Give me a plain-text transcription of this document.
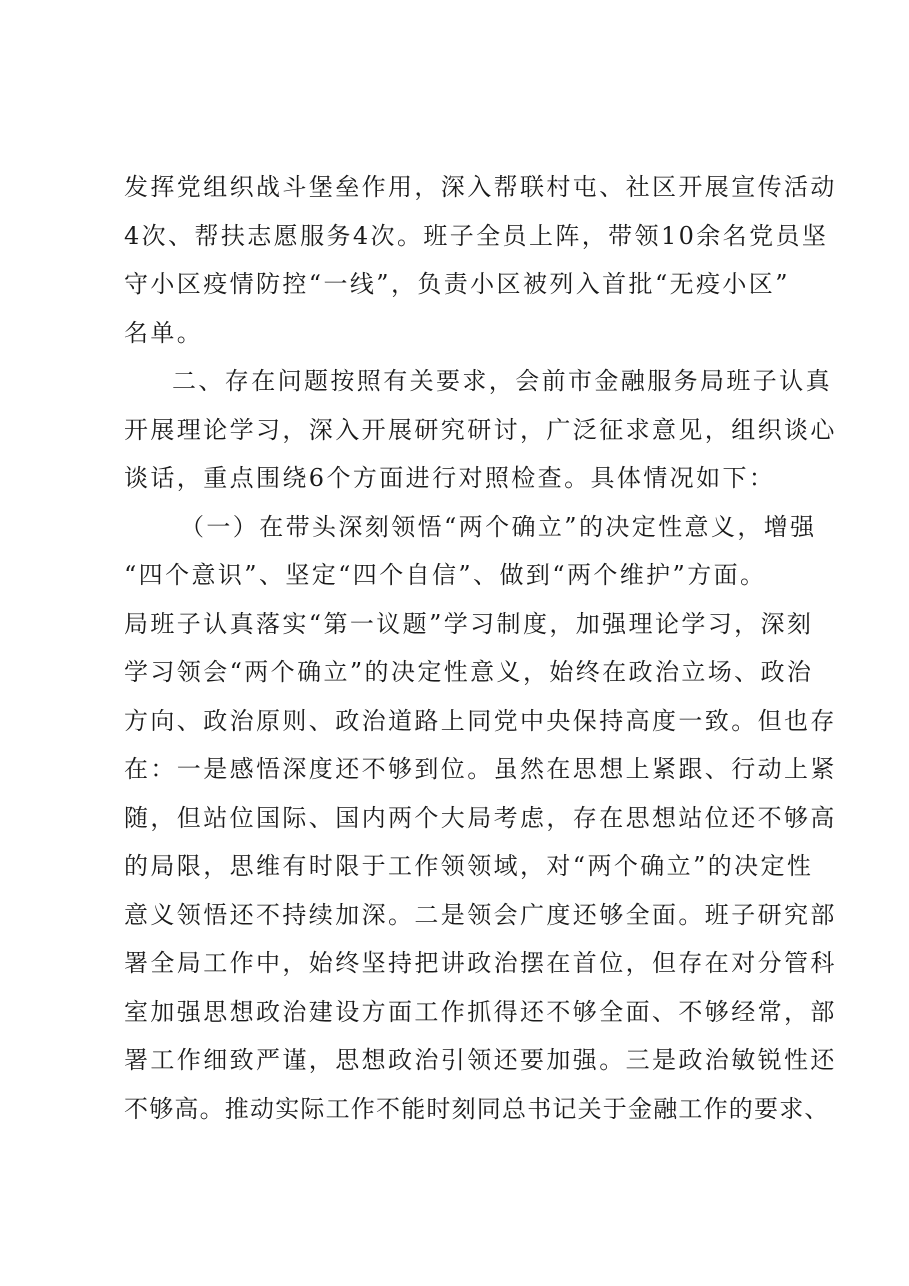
发挥党组织战斗堡垒作用，深入帮联村屯、社区开展宣传活动
4次、帮扶志愿服务4次。班子全员上阵，带领10余名党员坚
守小区疫情防控“一线”，负责小区被列入首批“无疫小区”
名单。
二、存在问题按照有关要求，会前市金融服务局班子认真
开展理论学习，深入开展研究研讨，广泛征求意见，组织谈心
谈话，重点围绕6个方面进行对照检查。具体情况如下：
（一）在带头深刻领悟“两个确立”的决定性意义，增强
“四个意识”、坚定“四个自信”、做到“两个维护”方面。
局班子认真落实“第一议题”学习制度，加强理论学习，深刻
学习领会“两个确立”的决定性意义，始终在政治立场、政治
方向、政治原则、政治道路上同党中央保持高度一致。但也存
在：一是感悟深度还不够到位。虽然在思想上紧跟、行动上紧
随，但站位国际、国内两个大局考虑，存在思想站位还不够高
的局限，思维有时限于工作领领域，对“两个确立”的决定性
意义领悟还不持续加深。二是领会广度还够全面。班子研究部
署全局工作中，始终坚持把讲政治摆在首位，但存在对分管科
室加强思想政治建设方面工作抓得还不够全面、不够经常，部
署工作细致严谨，思想政治引领还要加强。三是政治敏锐性还
不够高。推动实际工作不能时刻同总书记关于金融工作的要求、
